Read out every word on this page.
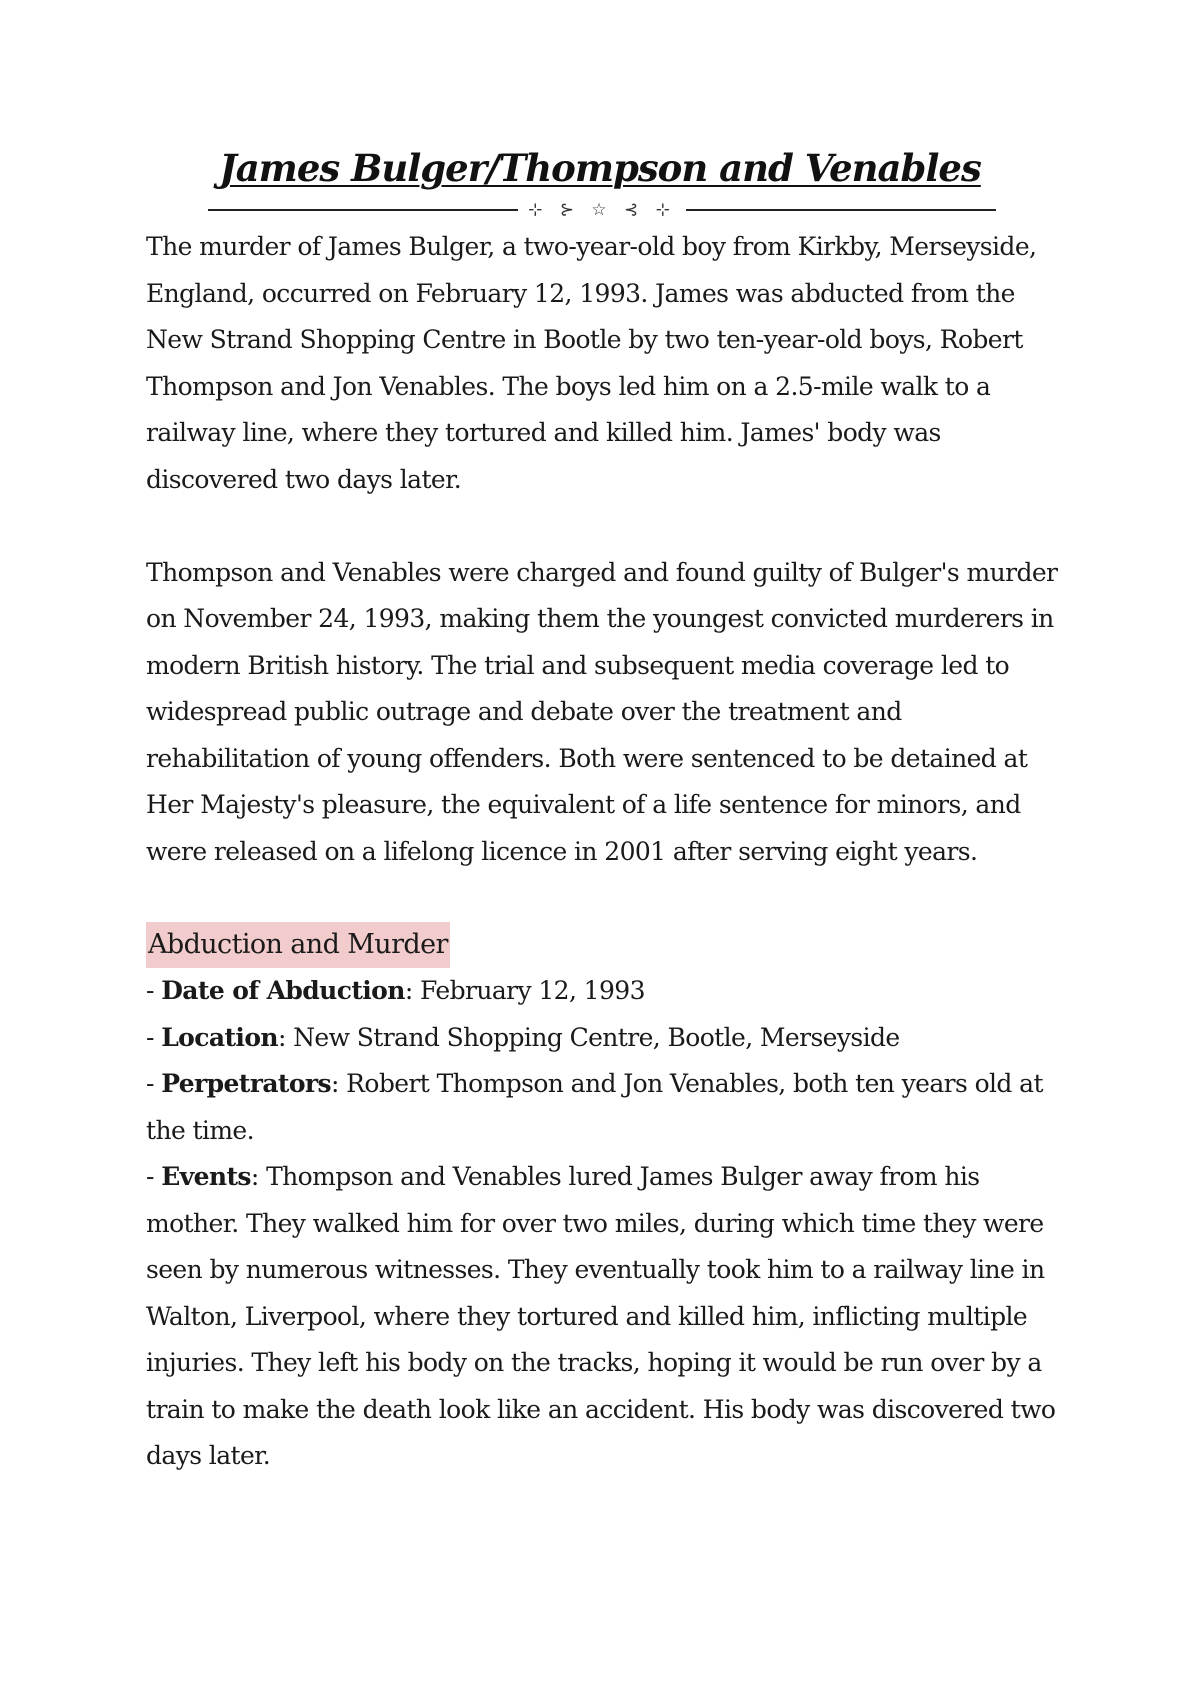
James Bulger/Thompson and Venables
⊹ ⊱ ☆ ⊰ ⊹

The murder of James Bulger, a two-year-old boy from Kirkby, Merseyside, England, occurred on February 12, 1993. James was abducted from the New Strand Shopping Centre in Bootle by two ten-year-old boys, Robert Thompson and Jon Venables. The boys led him on a 2.5-mile walk to a railway line, where they tortured and killed him. James' body was discovered two days later.

Thompson and Venables were charged and found guilty of Bulger's murder on November 24, 1993, making them the youngest convicted murderers in modern British history. The trial and subsequent media coverage led to widespread public outrage and debate over the treatment and rehabilitation of young offenders. Both were sentenced to be detained at Her Majesty's pleasure, the equivalent of a life sentence for minors, and were released on a lifelong licence in 2001 after serving eight years.

Abduction and Murder

- Date of Abduction: February 12, 1993

- Location: New Strand Shopping Centre, Bootle, Merseyside

- Perpetrators: Robert Thompson and Jon Venables, both ten years old at the time.

- Events: Thompson and Venables lured James Bulger away from his mother. They walked him for over two miles, during which time they were seen by numerous witnesses. They eventually took him to a railway line in Walton, Liverpool, where they tortured and killed him, inflicting multiple injuries. They left his body on the tracks, hoping it would be run over by a train to make the death look like an accident. His body was discovered two days later.
